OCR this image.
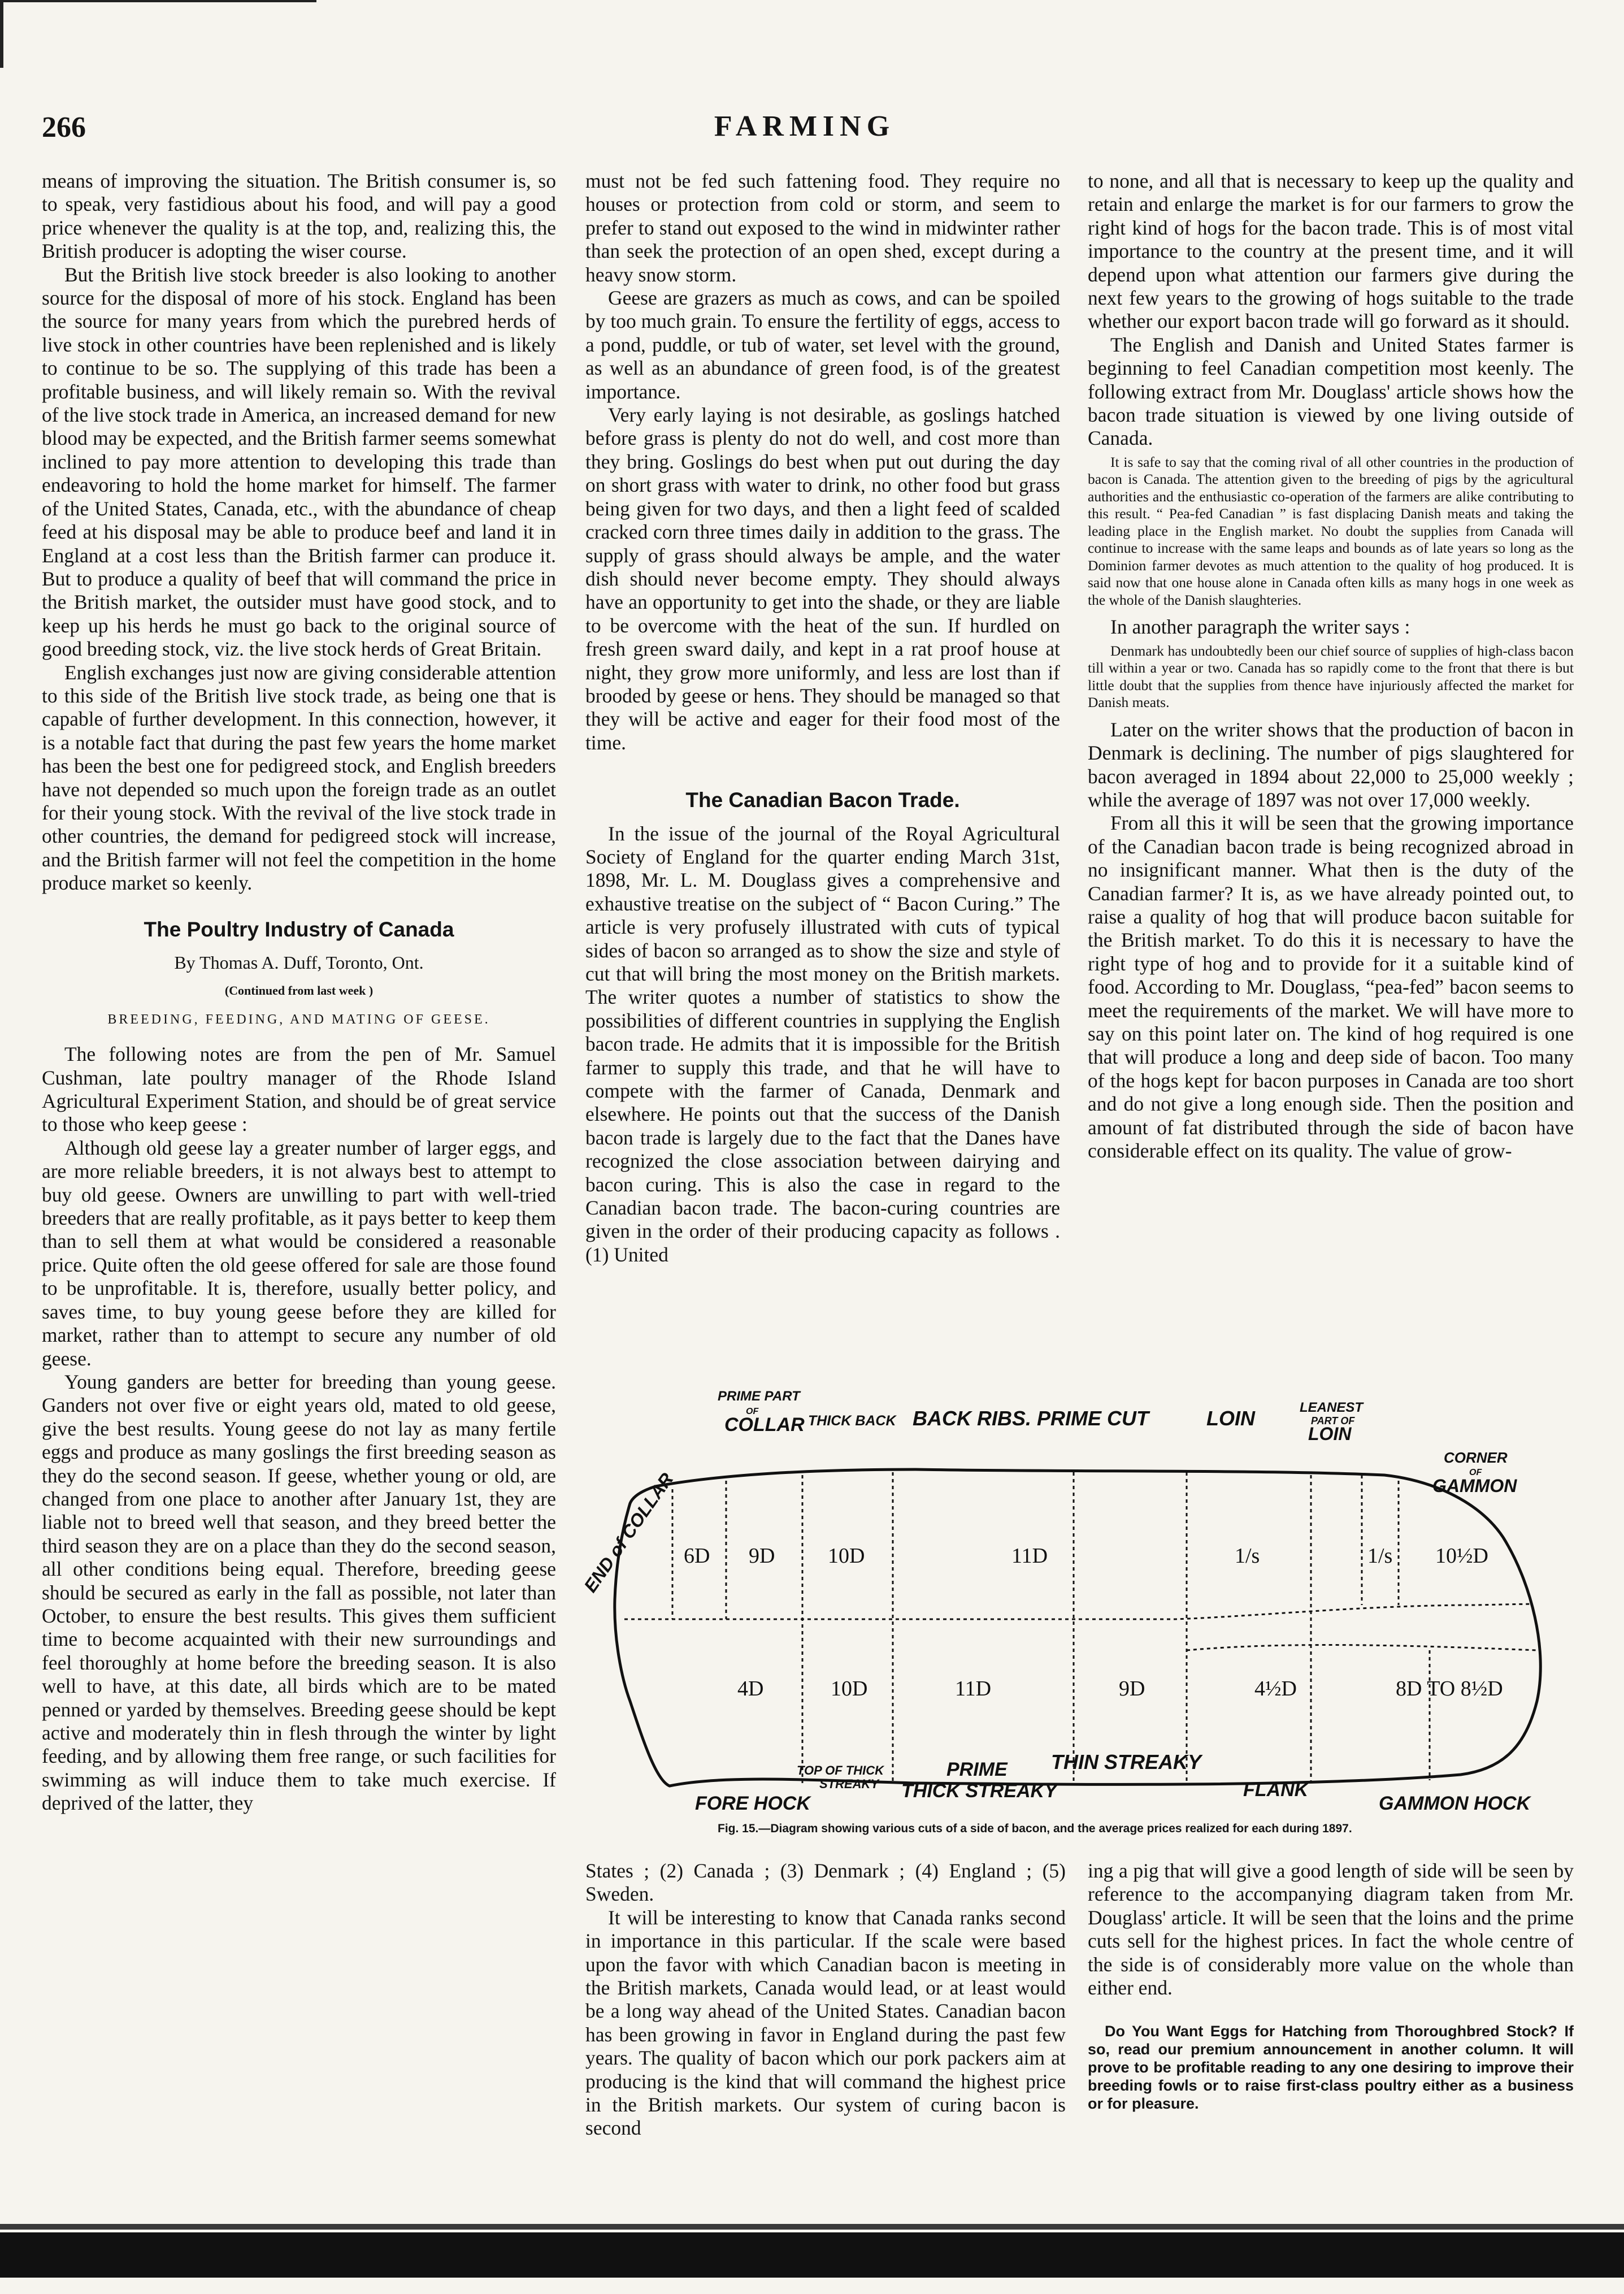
266	FARMING

means of improving the situation. The British consumer is, so to speak, very fastidious about his food, and will pay a good price whenever the quality is at the top, and, realizing this, the British producer is adopting the wiser course.

But the British live stock breeder is also looking to another source for the disposal of more of his stock. England has been the source for many years from which the purebred herds of live stock in other countries have been replenished and is likely to continue to be so. The supplying of this trade has been a profitable business, and will likely remain so. With the revival of the live stock trade in America, an increased demand for new blood may be expected, and the British farmer seems somewhat inclined to pay more attention to developing this trade than endeavoring to hold the home market for himself. The farmer of the United States, Canada, etc., with the abundance of cheap feed at his disposal may be able to produce beef and land it in England at a cost less than the British farmer can produce it. But to produce a quality of beef that will command the price in the British market, the outsider must have good stock, and to keep up his herds he must go back to the original source of good breeding stock, viz. the live stock herds of Great Britain.

English exchanges just now are giving considerable attention to this side of the British live stock trade, as being one that is capable of further development. In this connection, however, it is a notable fact that during the past few years the home market has been the best one for pedigreed stock, and English breeders have not depended so much upon the foreign trade as an outlet for their young stock. With the revival of the live stock trade in other countries, the demand for pedigreed stock will increase, and the British farmer will not feel the competition in the home produce market so keenly.

The Poultry Industry of Canada
By Thomas A. Duff, Toronto, Ont.
(Continued from last week )
BREEDING, FEEDING, AND MATING OF GEESE.

The following notes are from the pen of Mr. Samuel Cushman, late poultry manager of the Rhode Island Agricultural Experiment Station, and should be of great service to those who keep geese :

Although old geese lay a greater number of larger eggs, and are more reliable breeders, it is not always best to attempt to buy old geese. Owners are unwilling to part with well-tried breeders that are really profitable, as it pays better to keep them than to sell them at what would be considered a reasonable price. Quite often the old geese offered for sale are those found to be unprofitable. It is, therefore, usually better policy, and saves time, to buy young geese before they are killed for market, rather than to attempt to secure any number of old geese.

Young ganders are better for breeding than young geese. Ganders not over five or eight years old, mated to old geese, give the best results. Young geese do not lay as many fertile eggs and produce as many goslings the first breeding season as they do the second season. If geese, whether young or old, are changed from one place to another after January 1st, they are liable not to breed well that season, and they breed better the third season they are on a place than they do the second season, all other conditions being equal. Therefore, breeding geese should be secured as early in the fall as possible, not later than October, to ensure the best results. This gives them sufficient time to become acquainted with their new surroundings and feel thoroughly at home before the breeding season. It is also well to have, at this date, all birds which are to be mated penned or yarded by themselves. Breeding geese should be kept active and moderately thin in flesh through the winter by light feeding, and by allowing them free range, or such facilities for swimming as will induce them to take much exercise. If deprived of the latter, they

must not be fed such fattening food. They require no houses or protection from cold or storm, and seem to prefer to stand out exposed to the wind in midwinter rather than seek the protection of an open shed, except during a heavy snow storm.

Geese are grazers as much as cows, and can be spoiled by too much grain. To ensure the fertility of eggs, access to a pond, puddle, or tub of water, set level with the ground, as well as an abundance of green food, is of the greatest importance.

Very early laying is not desirable, as goslings hatched before grass is plenty do not do well, and cost more than they bring. Goslings do best when put out during the day on short grass with water to drink, no other food but grass being given for two days, and then a light feed of scalded cracked corn three times daily in addition to the grass. The supply of grass should always be ample, and the water dish should never become empty. They should always have an opportunity to get into the shade, or they are liable to be overcome with the heat of the sun. If hurdled on fresh green sward daily, and kept in a rat proof house at night, they grow more uniformly, and less are lost than if brooded by geese or hens. They should be managed so that they will be active and eager for their food most of the time.

The Canadian Bacon Trade.

In the issue of the journal of the Royal Agricultural Society of England for the quarter ending March 31st, 1898, Mr. L. M. Douglass gives a comprehensive and exhaustive treatise on the subject of “ Bacon Curing.” The article is very profusely illustrated with cuts of typical sides of bacon so arranged as to show the size and style of cut that will bring the most money on the British markets. The writer quotes a number of statistics to show the possibilities of different countries in supplying the English bacon trade. He admits that it is impossible for the British farmer to supply this trade, and that he will have to compete with the farmer of Canada, Denmark and elsewhere. He points out that the success of the Danish bacon trade is largely due to the fact that the Danes have recognized the close association between dairying and bacon curing. This is also the case in regard to the Canadian bacon trade. The bacon-curing countries are given in the order of their producing capacity as follows . (1) United

to none, and all that is necessary to keep up the quality and retain and enlarge the market is for our farmers to grow the right kind of hogs for the bacon trade. This is of most vital importance to the country at the present time, and it will depend upon what attention our farmers give during the next few years to the growing of hogs suitable to the trade whether our export bacon trade will go forward as it should.

The English and Danish and United States farmer is beginning to feel Canadian competition most keenly. The following extract from Mr. Douglass' article shows how the bacon trade situation is viewed by one living outside of Canada.

It is safe to say that the coming rival of all other countries in the production of bacon is Canada. The attention given to the breeding of pigs by the agricultural authorities and the enthusiastic co-operation of the farmers are alike contributing to this result. “ Pea-fed Canadian ” is fast displacing Danish meats and taking the leading place in the English market. No doubt the supplies from Canada will continue to increase with the same leaps and bounds as of late years so long as the Dominion farmer devotes as much attention to the quality of hog produced. It is said now that one house alone in Canada often kills as many hogs in one week as the whole of the Danish slaughteries.

In another paragraph the writer says :

Denmark has undoubtedly been our chief source of supplies of high-class bacon till within a year or two. Canada has so rapidly come to the front that there is but little doubt that the supplies from thence have injuriously affected the market for Danish meats.

Later on the writer shows that the production of bacon in Denmark is declining. The number of pigs slaughtered for bacon averaged in 1894 about 22,000 to 25,000 weekly ; while the average of 1897 was not over 17,000 weekly.

From all this it will be seen that the growing importance of the Canadian bacon trade is being recognized abroad in no insignificant manner. What then is the duty of the Canadian farmer? It is, as we have already pointed out, to raise a quality of hog that will produce bacon suitable for the British market. To do this it is necessary to have the right type of hog and to provide for it a suitable kind of food. According to Mr. Douglass, “pea-fed” bacon seems to meet the requirements of the market. We will have more to say on this point later on. The kind of hog required is one that will produce a long and deep side of bacon. Too many of the hogs kept for bacon purposes in Canada are too short and do not give a long enough side. Then the position and amount of fat distributed through the side of bacon have considerable effect on its quality. The value of grow-

PRIME PART
OF
COLLAR THICK BACK BACK RIBS. PRIME CUT	LOIN	LEANEST
PART OF
LOIN
CORNER
OF
GAMMON
END of COLLAR
TOP OF THICK
STREAKY
PRIME
THICK STREAKY
THIN STREAKY
FLANK
FORE HOCK	GAMMON HOCK
6D 9D 10D	11D	1/s	1/s 10½D
4D	10D	11D	9D	4½D	8D TO 8½D
Fig. 15.—Diagram showing various cuts of a side of bacon, and the average prices realized for each during 1897.

States ; (2) Canada ; (3) Denmark ; (4) England ; (5) Sweden.

It will be interesting to know that Canada ranks second in importance in this particular. If the scale were based upon the favor with which Canadian bacon is meeting in the British markets, Canada would lead, or at least would be a long way ahead of the United States. Canadian bacon has been growing in favor in England during the past few years. The quality of bacon which our pork packers aim at producing is the kind that will command the highest price in the British markets. Our system of curing bacon is second

ing a pig that will give a good length of side will be seen by reference to the accompanying diagram taken from Mr. Douglass' article. It will be seen that the loins and the prime cuts sell for the highest prices. In fact the whole centre of the side is of considerably more value on the whole than either end.

Do You Want Eggs for Hatching from Thoroughbred Stock? If so, read our premium announcement in another column. It will prove to be profitable reading to any one desiring to improve their breeding fowls or to raise first-class poultry either as a business or for pleasure.
